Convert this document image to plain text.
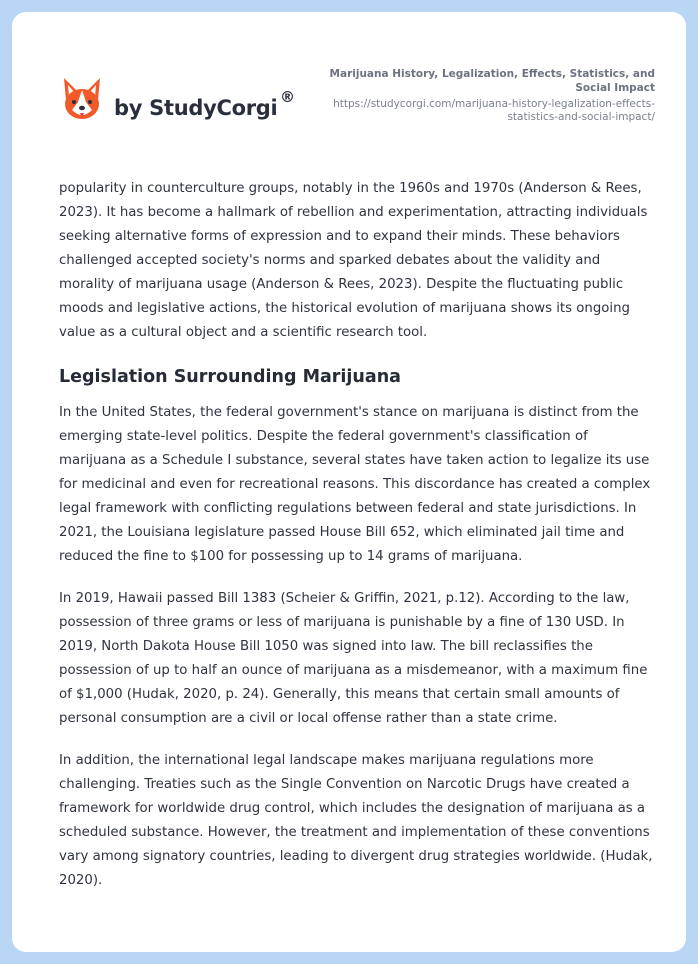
by StudyCorgi ®
Marijuana History, Legalization, Effects, Statistics, and Social Impact
https://studycorgi.com/marijuana-history-legalization-effects-statistics-and-social-impact/

popularity in counterculture groups, notably in the 1960s and 1970s (Anderson & Rees, 2023). It has become a hallmark of rebellion and experimentation, attracting individuals seeking alternative forms of expression and to expand their minds. These behaviors challenged accepted society's norms and sparked debates about the validity and morality of marijuana usage (Anderson & Rees, 2023). Despite the fluctuating public moods and legislative actions, the historical evolution of marijuana shows its ongoing value as a cultural object and a scientific research tool.

Legislation Surrounding Marijuana

In the United States, the federal government's stance on marijuana is distinct from the emerging state-level politics. Despite the federal government's classification of marijuana as a Schedule I substance, several states have taken action to legalize its use for medicinal and even for recreational reasons. This discordance has created a complex legal framework with conflicting regulations between federal and state jurisdictions. In 2021, the Louisiana legislature passed House Bill 652, which eliminated jail time and reduced the fine to $100 for possessing up to 14 grams of marijuana.

In 2019, Hawaii passed Bill 1383 (Scheier & Griffin, 2021, p.12). According to the law, possession of three grams or less of marijuana is punishable by a fine of 130 USD. In 2019, North Dakota House Bill 1050 was signed into law. The bill reclassifies the possession of up to half an ounce of marijuana as a misdemeanor, with a maximum fine of $1,000 (Hudak, 2020, p. 24). Generally, this means that certain small amounts of personal consumption are a civil or local offense rather than a state crime.

In addition, the international legal landscape makes marijuana regulations more challenging. Treaties such as the Single Convention on Narcotic Drugs have created a framework for worldwide drug control, which includes the designation of marijuana as a scheduled substance. However, the treatment and implementation of these conventions vary among signatory countries, leading to divergent drug strategies worldwide. (Hudak, 2020).
